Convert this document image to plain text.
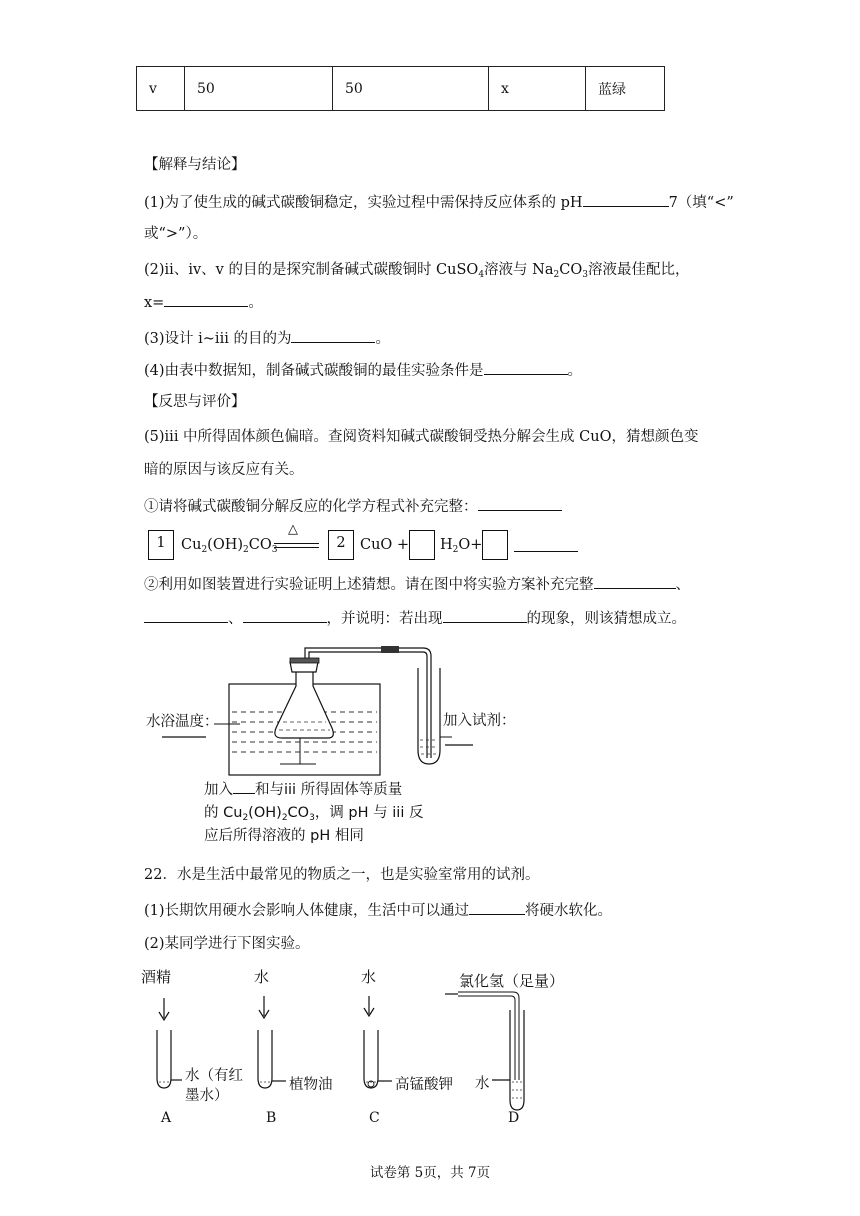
v	50	50	x	蓝绿
【解释与结论】
(1)为了使生成的碱式碳酸铜稳定，实验过程中需保持反应体系的 pH	7（填“<”
或“>”）。
(2)ii、iv、v 的目的是探究制备碱式碳酸铜时 CuSO$_4$溶液与 $Na_2CO_3$溶液最佳配比，
x=	。
(3)设计 i~iii 的目的为	。
(4)由表中数据知，制备碱式碳酸铜的最佳实验条件是	。
【反思与评价】
(5)iii 中所得固体颜色偏暗。查阅资料知碱式碳酸铜受热分解会生成 CuO，猜想颜色变
暗的原因与该反应有关。
①请将碱式碳酸铜分解反应的化学方程式补充完整：
1	$Cu_2(OH)_2CO_3$
△
2 CuO + $H_2O+$
②利用如图装置进行实验证明上述猜想。请在图中将实验方案补充完整	、
、	，并说明：若出现	的现象，则该猜想成立。
水浴温度：	加入试剂：
加入 和与iii 所得固体等质量
的 $Cu_2(OH)_2CO_3$，调 pH 与 iii 反
应后所得溶液的 pH 相同
22．水是生活中最常见的物质之一，也是实验室常用的试剂。
(1)长期饮用硬水会影响人体健康，生活中可以通过	将硬水软化。
(2)某同学进行下图实验。
酒精	水	水	氯化氢（足量）
水（有红
墨水）
植物油	高锰酸钾 水
A	B	C	D
试卷第 5页，共 7页
